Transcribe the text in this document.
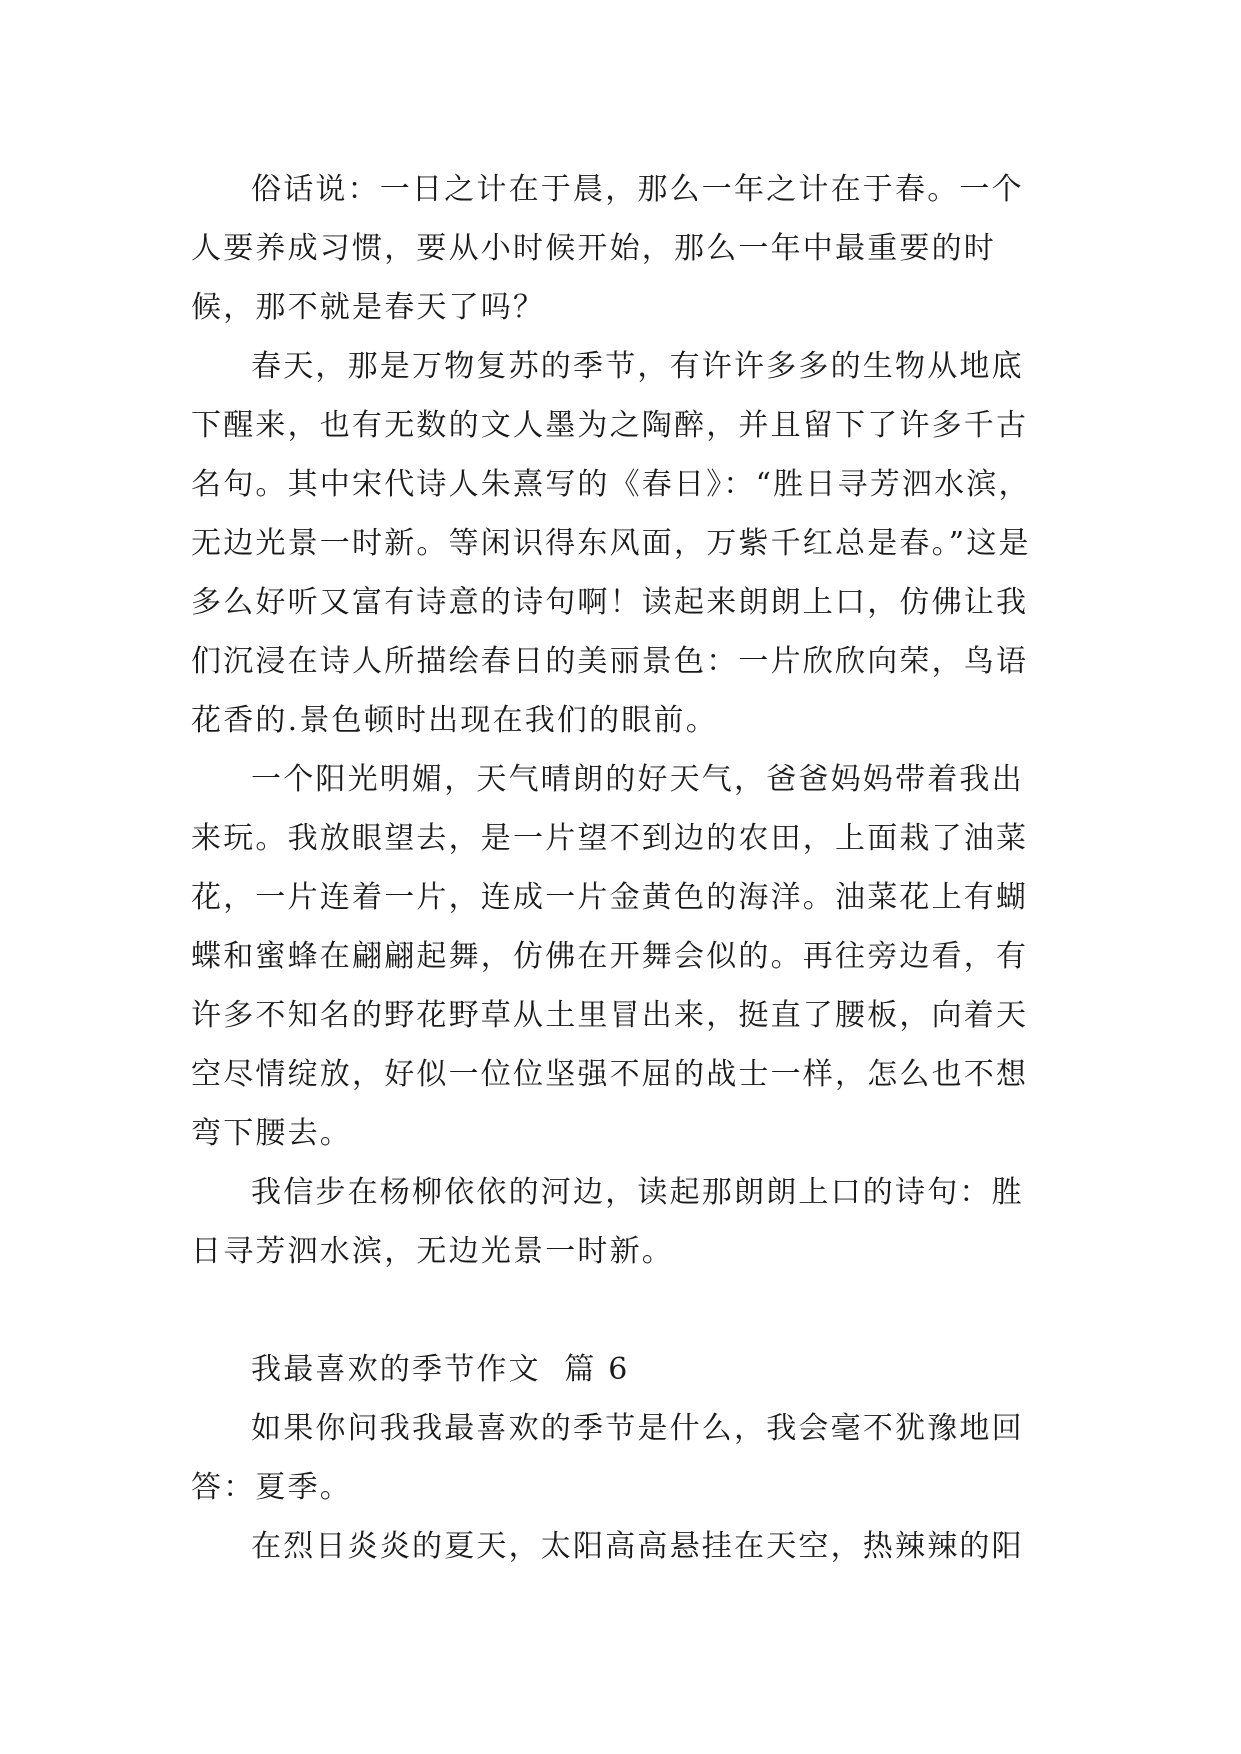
俗话说：一日之计在于晨，那么一年之计在于春。一个人要养成习惯，要从小时候开始，那么一年中最重要的时候，那不就是春天了吗？

春天，那是万物复苏的季节，有许许多多的生物从地底下醒来，也有无数的文人墨为之陶醉，并且留下了许多千古名句。其中宋代诗人朱熹写的《春日》：“胜日寻芳泗水滨，无边光景一时新。等闲识得东风面，万紫千红总是春。”这是多么好听又富有诗意的诗句啊！读起来朗朗上口，仿佛让我们沉浸在诗人所描绘春日的美丽景色：一片欣欣向荣，鸟语花香的.景色顿时出现在我们的眼前。

一个阳光明媚，天气晴朗的好天气，爸爸妈妈带着我出来玩。我放眼望去，是一片望不到边的农田，上面栽了油菜花，一片连着一片，连成一片金黄色的海洋。油菜花上有蝴蝶和蜜蜂在翩翩起舞，仿佛在开舞会似的。再往旁边看，有许多不知名的野花野草从土里冒出来，挺直了腰板，向着天空尽情绽放，好似一位位坚强不屈的战士一样，怎么也不想弯下腰去。

我信步在杨柳依依的河边，读起那朗朗上口的诗句：胜日寻芳泗水滨，无边光景一时新。

我最喜欢的季节作文  篇 6

如果你问我我最喜欢的季节是什么，我会毫不犹豫地回答：夏季。

在烈日炎炎的夏天，太阳高高悬挂在天空，热辣辣的阳
